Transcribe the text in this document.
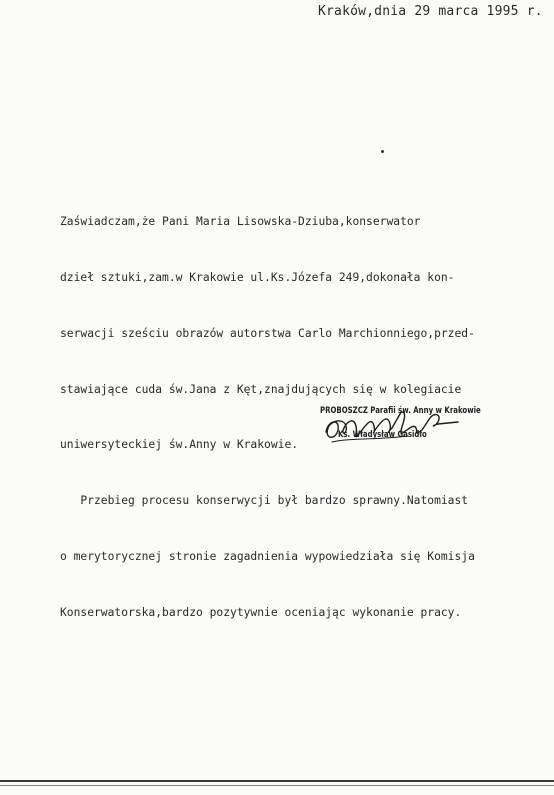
Kraków,dnia 29 marca 1995 r.

Zaświadczam,że Pani Maria Lisowska-Dziuba,konserwator

dzieł sztuki,zam.w Krakowie ul.Ks.Józefa 249,dokonała kon-

serwacji sześciu obrazów autorstwa Carlo Marchionniego,przed-

stawiające cuda św.Jana z Kęt,znajdujących się w kolegiacie

uniwersyteckiej św.Anny w Krakowie.

Przebieg procesu konserwycji był bardzo sprawny.Natomiast

o merytorycznej stronie zagadnienia wypowiedziała się Komisja

Konserwatorska,bardzo pozytywnie oceniając wykonanie pracy.

PROBOSZCZ Parafii św. Anny w Krakowie
Ks. Władysław Gasidło
